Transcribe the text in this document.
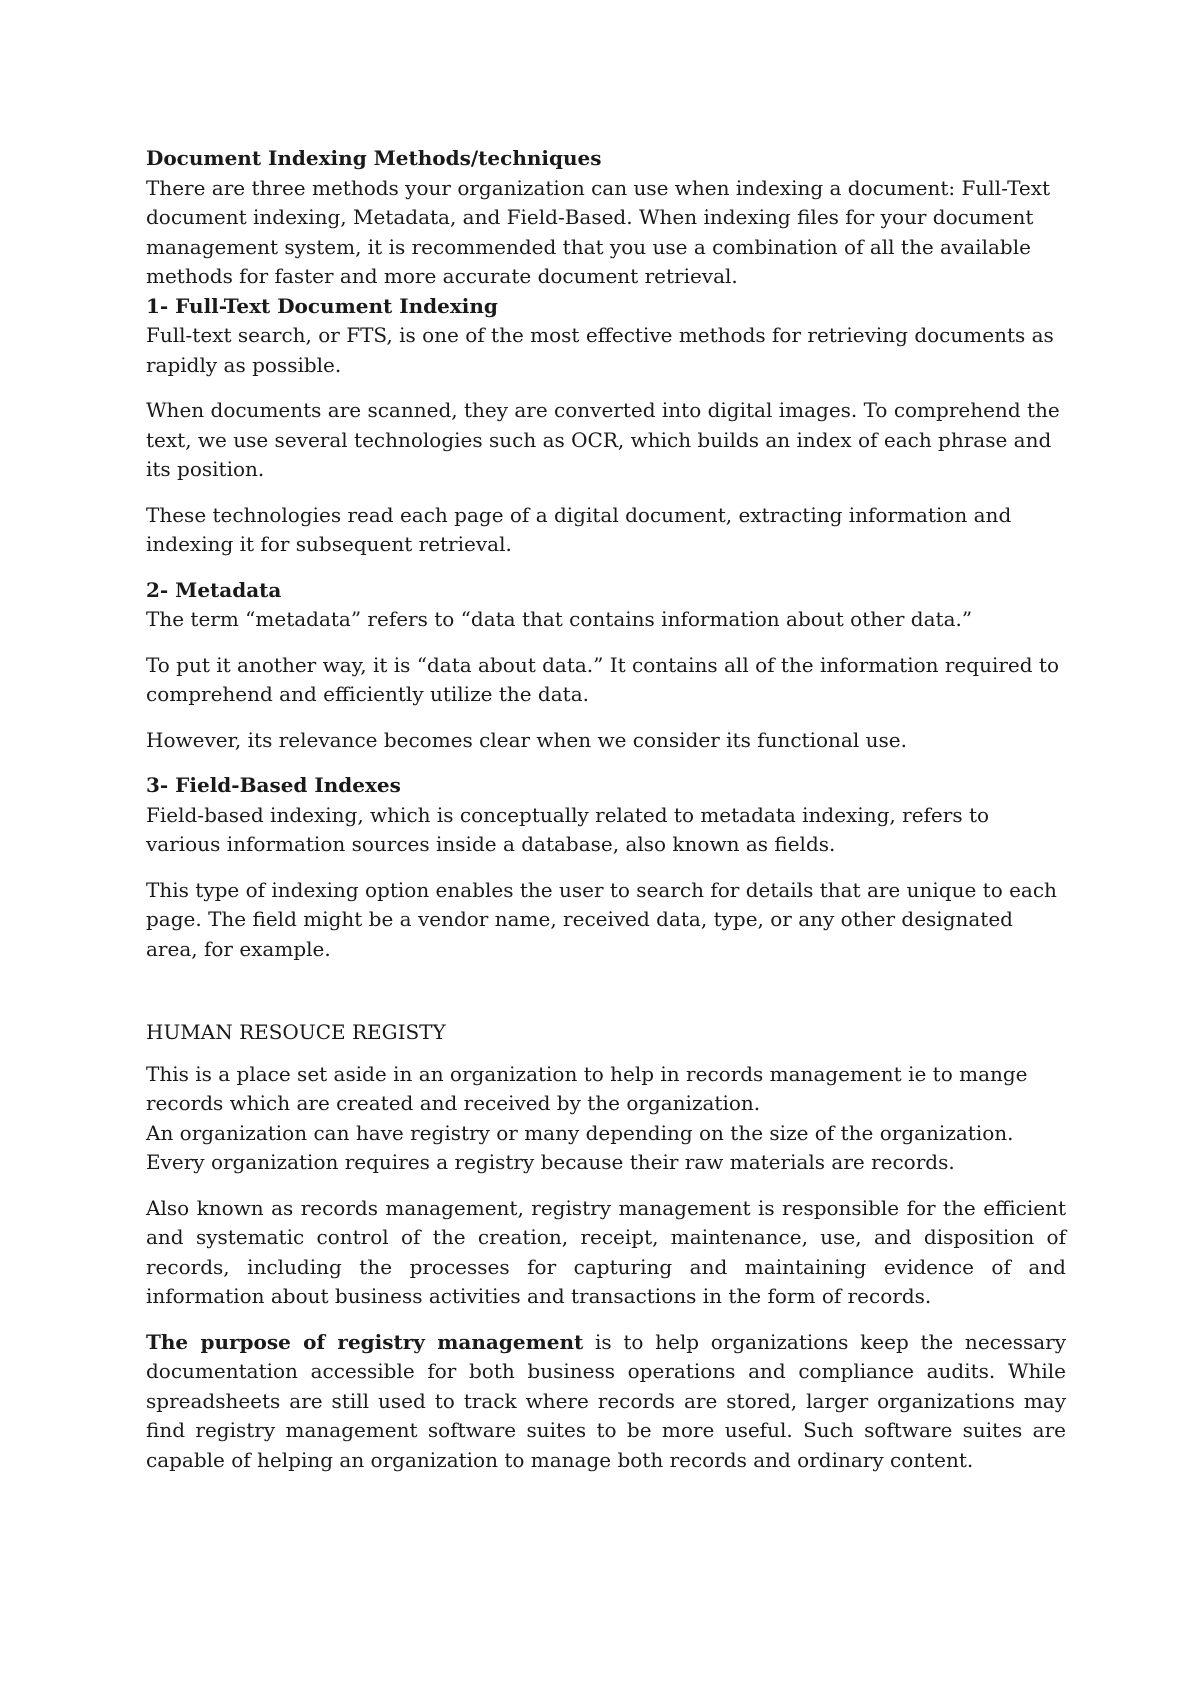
Document Indexing Methods/techniques

There are three methods your organization can use when indexing a document: Full-Text document indexing, Metadata, and Field-Based. When indexing files for your document management system, it is recommended that you use a combination of all the available methods for faster and more accurate document retrieval.

1- Full-Text Document Indexing

Full-text search, or FTS, is one of the most effective methods for retrieving documents as rapidly as possible.

When documents are scanned, they are converted into digital images. To comprehend the text, we use several technologies such as OCR, which builds an index of each phrase and its position.

These technologies read each page of a digital document, extracting information and indexing it for subsequent retrieval.

2- Metadata

The term “metadata” refers to “data that contains information about other data.”

To put it another way, it is “data about data.” It contains all of the information required to comprehend and efficiently utilize the data.

However, its relevance becomes clear when we consider its functional use.

3- Field-Based Indexes

Field-based indexing, which is conceptually related to metadata indexing, refers to various information sources inside a database, also known as fields.

This type of indexing option enables the user to search for details that are unique to each page. The field might be a vendor name, received data, type, or any other designated area, for example.

HUMAN RESOUCE REGISTY

This is a place set aside in an organization to help in records management ie to mange records which are created and received by the organization.

An organization can have registry or many depending on the size of the organization. Every organization requires a registry because their raw materials are records.

Also known as records management, registry management is responsible for the efficient and systematic control of the creation, receipt, maintenance, use, and disposition of records, including the processes for capturing and maintaining evidence of and information about business activities and transactions in the form of records.

The purpose of registry management is to help organizations keep the necessary documentation accessible for both business operations and compliance audits. While spreadsheets are still used to track where records are stored, larger organizations may find registry management software suites to be more useful. Such software suites are capable of helping an organization to manage both records and ordinary content.
